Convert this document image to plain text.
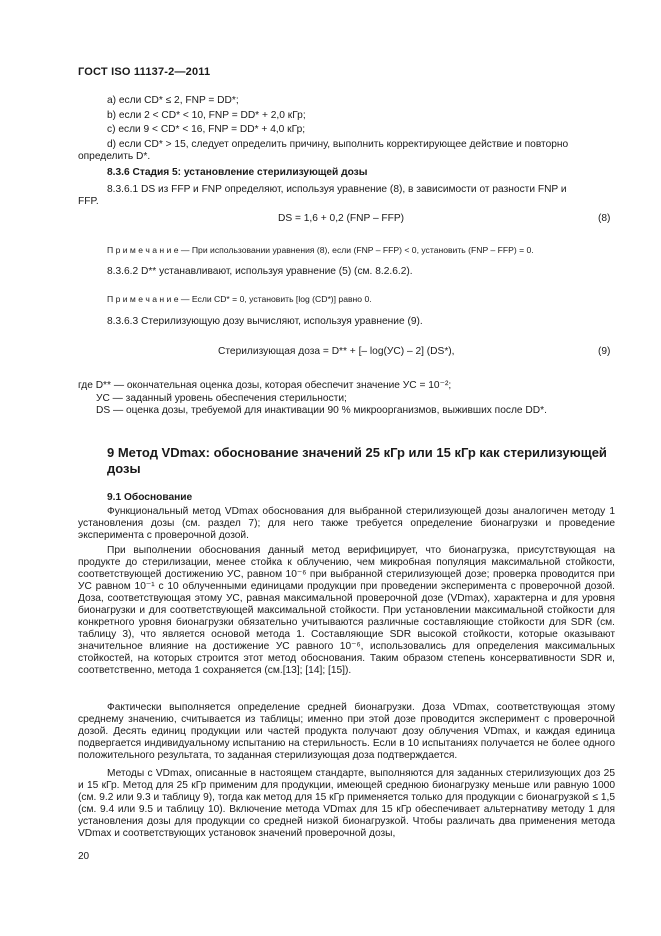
ГОСТ ISO 11137-2—2011
a) если CD* ≤ 2, FNP = DD*;
b) если 2 < CD* < 10, FNP = DD* + 2,0 кГр;
c) если 9 < CD* < 16, FNP = DD* + 4,0 кГр;
d) если CD* > 15, следует определить причину, выполнить корректирующее действие и повторно
определить D*.
8.3.6 Стадия 5: установление стерилизующей дозы
8.3.6.1 DS из FFP и FNP определяют, используя уравнение (8), в зависимости от разности FNP и
FFP.
DS = 1,6 + 0,2 (FNP – FFP)	(8)
П р и м е ч а н и е — При использовании уравнения (8), если (FNP – FFP) < 0, установить (FNP – FFP) = 0.
8.3.6.2 D** устанавливают, используя уравнение (5) (см. 8.2.6.2).
П р и м е ч а н и е — Если CD* = 0, установить [log (CD*)] равно 0.
8.3.6.3 Стерилизующую дозу вычисляют, используя уравнение (9).
Стерилизующая доза = D** + [– log(УС) – 2] (DS*),	(9)
где D** — окончательная оценка дозы, которая обеспечит значение УС = 10⁻²;
УС — заданный уровень обеспечения стерильности;
DS — оценка дозы, требуемой для инактивации 90 % микроорганизмов, выживших после DD*.
9 Метод VDmax: обоснование значений 25 кГр или 15 кГр как стерилизующей
дозы
9.1 Обоснование
Функциональный метод VDmax обоснования для выбранной стерилизующей дозы аналогичен методу 1 установления дозы (см. раздел 7); для него также требуется определение бионагрузки и проведение эксперимента с проверочной дозой.
При выполнении обоснования данный метод верифицирует, что бионагрузка, присутствующая на продукте до стерилизации, менее стойка к облучению, чем микробная популяция максимальной стойкости, соответствующей достижению УС, равном 10⁻⁶ при выбранной стерилизующей дозе; проверка проводится при УС равном 10⁻¹ с 10 облученными единицами продукции при проведении эксперимента с проверочной дозой. Доза, соответствующая этому УС, равная максимальной проверочной дозе (VDmax), характерна и для уровня бионагрузки и для соответствующей максимальной стойкости. При установлении максимальной стойкости для конкретного уровня бионагрузки обязательно учитываются различные составляющие стойкости для SDR (см. таблицу 3), что является основой метода 1. Составляющие SDR высокой стойкости, которые оказывают значительное влияние на достижение УС равного 10⁻⁶, использовались для определения максимальных стойкостей, на которых строится этот метод обоснования. Таким образом степень консервативности SDR и, соответственно, метода 1 сохраняется (см.[13]; [14]; [15]).
Фактически выполняется определение средней бионагрузки. Доза VDmax, соответствующая этому среднему значению, считывается из таблицы; именно при этой дозе проводится эксперимент с проверочной дозой. Десять единиц продукции или частей продукта получают дозу облучения VDmax, и каждая единица подвергается индивидуальному испытанию на стерильность. Если в 10 испытаниях получается не более одного положительного результата, то заданная стерилизующая доза подтверждается.
Методы с VDmax, описанные в настоящем стандарте, выполняются для заданных стерилизующих доз 25 и 15 кГр. Метод для 25 кГр применим для продукции, имеющей среднюю бионагрузку меньше или равную 1000 (см. 9.2 или 9.3 и таблицу 9), тогда как метод для 15 кГр применяется только для продукции с бионагрузкой ≤ 1,5 (см. 9.4 или 9.5 и таблицу 10). Включение метода VDmax для 15 кГр обеспечивает альтернативу методу 1 для установления дозы для продукции со средней низкой бионагрузкой. Чтобы различать два применения метода VDmax и соответствующих установок значений проверочной дозы,
20
